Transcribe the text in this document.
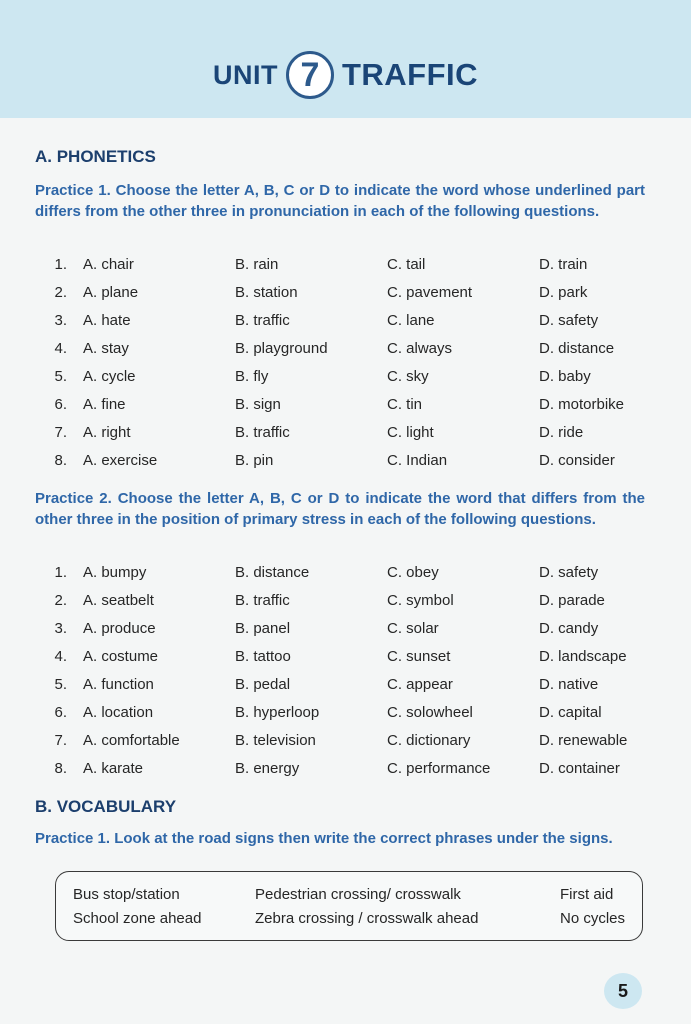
UNIT 7 TRAFFIC
A. PHONETICS
Practice 1. Choose the letter A, B, C or D to indicate the word whose underlined part differs from the other three in pronunciation in each of the following questions.
1. A. chair	B. rain	C. tail	D. train
2. A. plane	B. station	C. pavement	D. park
3. A. hate	B. traffic	C. lane	D. safety
4. A. stay	B. playground	C. always	D. distance
5. A. cycle	B. fly	C. sky	D. baby
6. A. fine	B. sign	C. tin	D. motorbike
7. A. right	B. traffic	C. light	D. ride
8. A. exercise	B. pin	C. Indian	D. consider
Practice 2. Choose the letter A, B, C or D to indicate the word that differs from the other three in the position of primary stress in each of the following questions.
1. A. bumpy	B. distance	C. obey	D. safety
2. A. seatbelt	B. traffic	C. symbol	D. parade
3. A. produce	B. panel	C. solar	D. candy
4. A. costume	B. tattoo	C. sunset	D. landscape
5. A. function	B. pedal	C. appear	D. native
6. A. location	B. hyperloop	C. solowheel	D. capital
7. A. comfortable	B. television	C. dictionary	D. renewable
8. A. karate	B. energy	C. performance	D. container
B. VOCABULARY
Practice 1. Look at the road signs then write the correct phrases under the signs.
Bus stop/station	Pedestrian crossing/ crosswalk	First aid
School zone ahead	Zebra crossing / crosswalk ahead	No cycles
5
